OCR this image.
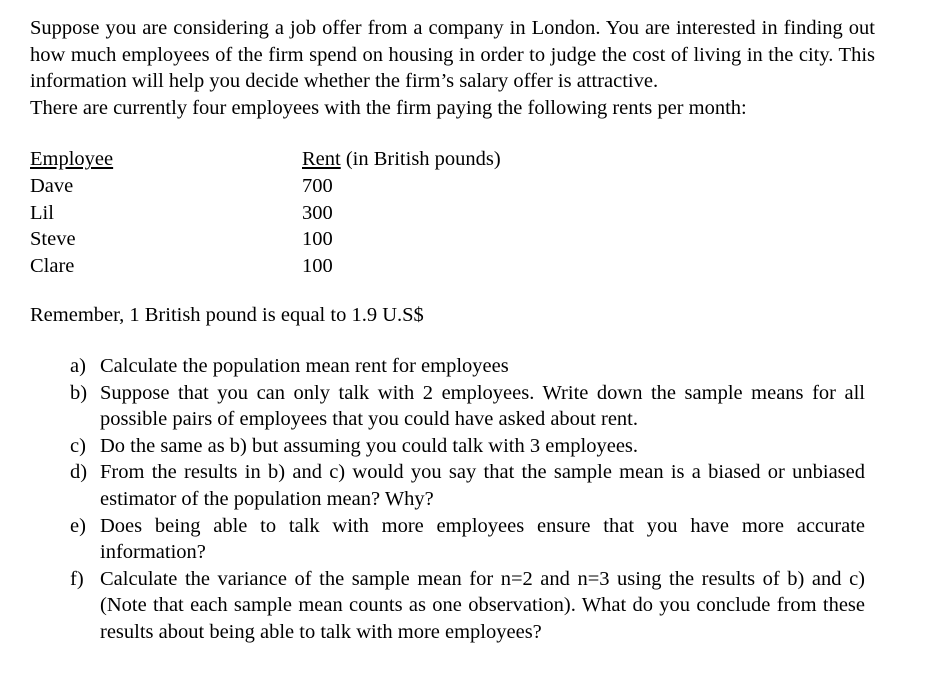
Suppose you are considering a job offer from a company in London. You are interested in finding out how much employees of the firm spend on housing in order to judge the cost of living in the city. This information will help you decide whether the firm’s salary offer is attractive.

There are currently four employees with the firm paying the following rents per month:

Employee	Rent (in British pounds)
Dave	700
Lil	300
Steve	100
Clare	100
Remember, 1 British pound is equal to 1.9 U.S$
a) Calculate the population mean rent for employees
b) Suppose that you can only talk with 2 employees. Write down the sample means for all possible pairs of employees that you could have asked about rent.
c) Do the same as b) but assuming you could talk with 3 employees.
d) From the results in b) and c) would you say that the sample mean is a biased or unbiased estimator of the population mean? Why?
e) Does being able to talk with more employees ensure that you have more accurate information?
f) Calculate the variance of the sample mean for n=2 and n=3 using the results of b) and c) (Note that each sample mean counts as one observation). What do you conclude from these results about being able to talk with more employees?
